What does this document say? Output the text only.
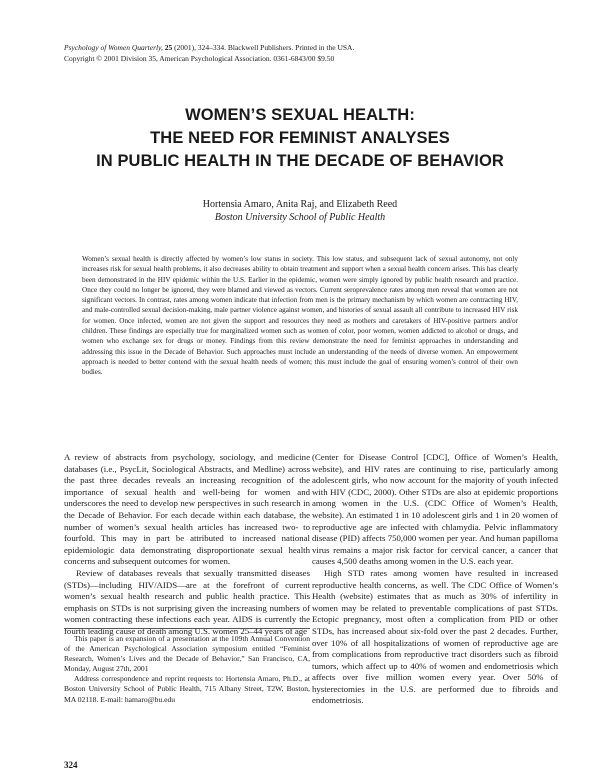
Psychology of Women Quarterly, 25 (2001), 324–334. Blackwell Publishers. Printed in the USA.
Copyright © 2001 Division 35, American Psychological Association. 0361-6843/00 $9.50
WOMEN’S SEXUAL HEALTH:
THE NEED FOR FEMINIST ANALYSES
IN PUBLIC HEALTH IN THE DECADE OF BEHAVIOR
Hortensia Amaro, Anita Raj, and Elizabeth Reed
Boston University School of Public Health
Women’s sexual health is directly affected by women’s low status in society. This low status, and subsequent lack of sexual autonomy, not only increases risk for sexual health problems, it also decreases ability to obtain treatment and support when a sexual health concern arises. This has clearly been demonstrated in the HIV epidemic within the U.S. Earlier in the epidemic, women were simply ignored by public health research and practice. Once they could no longer be ignored, they were blamed and viewed as vectors. Current seroprevalence rates among men reveal that women are not significant vectors. In contrast, rates among women indicate that infection from men is the primary mechanism by which women are contracting HIV, and male-controlled sexual decision-making, male partner violence against women, and histories of sexual assault all contribute to increased HIV risk for women. Once infected, women are not given the support and resources they need as mothers and caretakers of HIV-positive partners and/or children. These findings are especially true for marginalized women such as women of color, poor women, women addicted to alcohol or drugs, and women who exchange sex for drugs or money. Findings from this review demonstrate the need for feminist approaches in understanding and addressing this issue in the Decade of Behavior. Such approaches must include an understanding of the needs of diverse women. An empowerment approach is needed to better contend with the sexual health needs of women; this must include the goal of ensuring women’s control of their own bodies.

A review of abstracts from psychology, sociology, and medicine databases (i.e., PsycLit, Sociological Abstracts, and Medline) across the past three decades reveals an increasing recognition of the importance of sexual health and well-being for women and underscores the need to develop new perspectives in such research in the Decade of Behavior. For each decade within each database, the number of women’s sexual health articles has increased two- to fourfold. This may in part be attributed to increased national epidemiologic data demonstrating disproportionate sexual health concerns and subsequent outcomes for women.

Review of databases reveals that sexually transmitted diseases (STDs)—including HIV/AIDS—are at the forefront of current women’s sexual health research and public health practice. This emphasis on STDs is not surprising given the increasing numbers of women contracting these infections each year. AIDS is currently the fourth leading cause of death among U.S. women 25–44 years of age

(Center for Disease Control [CDC], Office of Women’s Health, website), and HIV rates are continuing to rise, particularly among adolescent girls, who now account for the majority of youth infected with HIV (CDC, 2000). Other STDs are also at epidemic proportions among women in the U.S. (CDC Office of Women’s Health, website). An estimated 1 in 10 adolescent girls and 1 in 20 women of reproductive age are infected with chlamydia. Pelvic inflammatory disease (PID) affects 750,000 women per year. And human papilloma virus remains a major risk factor for cervical cancer, a cancer that causes 4,500 deaths among women in the U.S. each year.

High STD rates among women have resulted in increased reproductive health concerns, as well. The CDC Office of Women’s Health (website) estimates that as much as 30% of infertility in women may be related to preventable complications of past STDs. Ectopic pregnancy, most often a complication from PID or other STDs, has increased about six-fold over the past 2 decades. Further, over 10% of all hospitalizations of women of reproductive age are from complications from reproductive tract disorders such as fibroid tumors, which affect up to 40% of women and endometriosis which affects over five million women every year. Over 50% of hysterectomies in the U.S. are performed due to fibroids and endometriosis.

This paper is an expansion of a presentation at the 109th Annual Convention of the American Psychological Association symposium entitled “Feminist Research, Women’s Lives and the Decade of Behavior,” San Francisco, CA, Monday, August 27th, 2001

Address correspondence and reprint requests to: Hortensia Amaro, Ph.D., at Boston University School of Public Health, 715 Albany Street, T2W, Boston, MA 02118. E-mail: hamaro@bu.edu

324
